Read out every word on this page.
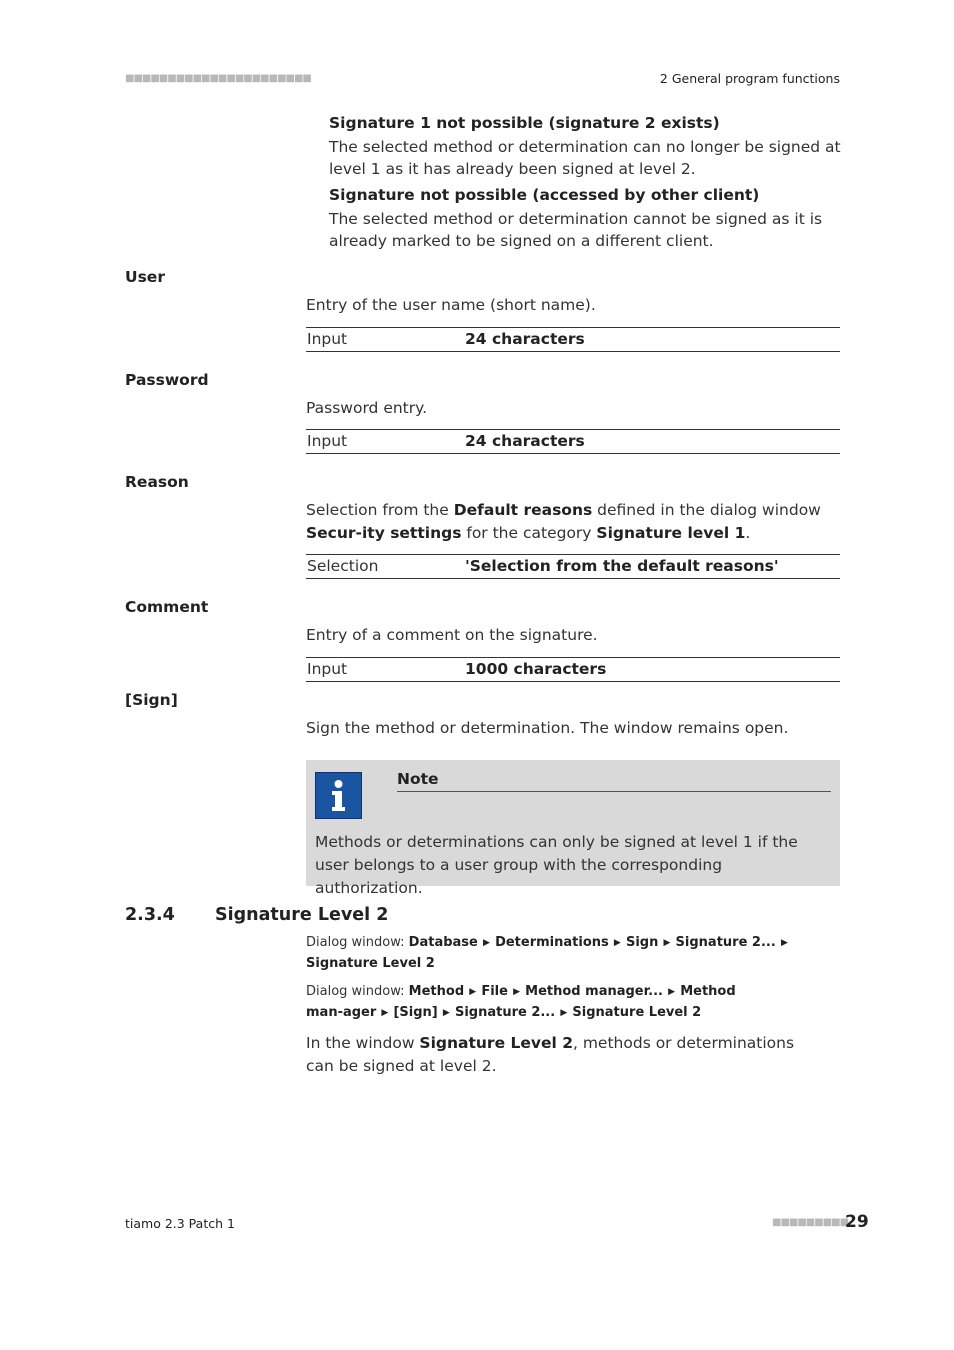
■■■■■■■■■■■■■■■■■■■■■■	2 General program functions
Signature 1 not possible (signature 2 exists)
The selected method or determination can no longer be signed at level 1 as it has already been signed at level 2.
Signature not possible (accessed by other client)
The selected method or determination cannot be signed as it is already marked to be signed on a different client.
User
Entry of the user name (short name).
Input	24 characters
Password
Password entry.
Input	24 characters
Reason
Selection from the Default reasons defined in the dialog window Secur-ity settings for the category Signature level 1.
Selection	'Selection from the default reasons'
Comment
Entry of a comment on the signature.
Input	1000 characters
[Sign]
Sign the method or determination. The window remains open.
Note
Methods or determinations can only be signed at level 1 if the user belongs to a user group with the corresponding authorization.
2.3.4 Signature Level 2
Dialog window: Database ▶ Determinations ▶ Sign ▶ Signature 2... ▶ Signature Level 2
Dialog window: Method ▶ File ▶ Method manager... ▶ Method man-ager ▶ [Sign] ▶ Signature 2... ▶ Signature Level 2
In the window Signature Level 2, methods or determinations can be signed at level 2.
tiamo 2.3 Patch 1	■■■■■■■■■
29
